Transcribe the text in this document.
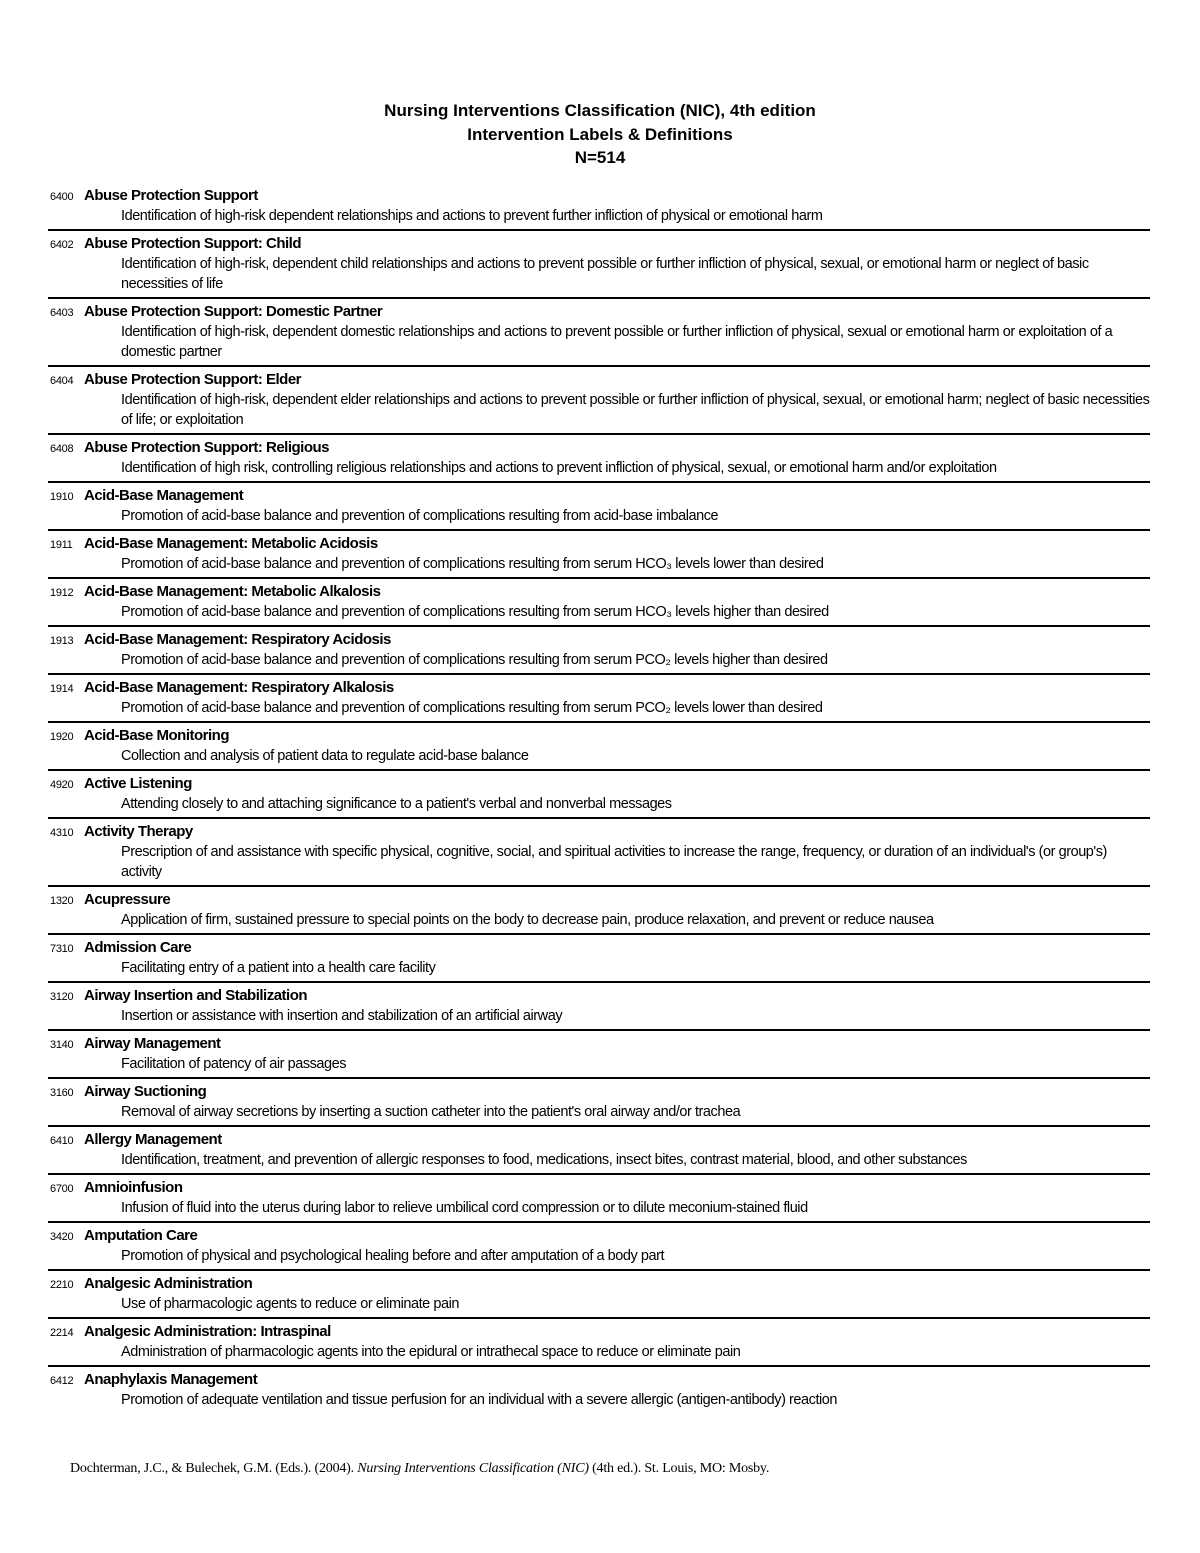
Nursing Interventions Classification (NIC), 4th edition
Intervention Labels & Definitions
N=514
6400 Abuse Protection Support
Identification of high-risk dependent relationships and actions to prevent further infliction of physical or emotional harm
6402 Abuse Protection Support: Child
Identification of high-risk, dependent child relationships and actions to prevent possible or further infliction of physical, sexual, or emotional harm or neglect of basic necessities of life
6403 Abuse Protection Support: Domestic Partner
Identification of high-risk, dependent domestic relationships and actions to prevent possible or further infliction of physical, sexual or emotional harm or exploitation of a domestic partner
6404 Abuse Protection Support: Elder
Identification of high-risk, dependent elder relationships and actions to prevent possible or further infliction of physical, sexual, or emotional harm; neglect of basic necessities of life; or exploitation
6408 Abuse Protection Support: Religious
Identification of high risk, controlling religious relationships and actions to prevent infliction of physical, sexual, or emotional harm and/or exploitation
1910 Acid-Base Management
Promotion of acid-base balance and prevention of complications resulting from acid-base imbalance
1911 Acid-Base Management: Metabolic Acidosis
Promotion of acid-base balance and prevention of complications resulting from serum HCO₃ levels lower than desired
1912 Acid-Base Management: Metabolic Alkalosis
Promotion of acid-base balance and prevention of complications resulting from serum HCO₃ levels higher than desired
1913 Acid-Base Management: Respiratory Acidosis
Promotion of acid-base balance and prevention of complications resulting from serum PCO₂ levels higher than desired
1914 Acid-Base Management: Respiratory Alkalosis
Promotion of acid-base balance and prevention of complications resulting from serum PCO₂ levels lower than desired
1920 Acid-Base Monitoring
Collection and analysis of patient data to regulate acid-base balance
4920 Active Listening
Attending closely to and attaching significance to a patient's verbal and nonverbal messages
4310 Activity Therapy
Prescription of and assistance with specific physical, cognitive, social, and spiritual activities to increase the range, frequency, or duration of an individual's (or group's) activity
1320 Acupressure
Application of firm, sustained pressure to special points on the body to decrease pain, produce relaxation, and prevent or reduce nausea
7310 Admission Care
Facilitating entry of a patient into a health care facility
3120 Airway Insertion and Stabilization
Insertion or assistance with insertion and stabilization of an artificial airway
3140 Airway Management
Facilitation of patency of air passages
3160 Airway Suctioning
Removal of airway secretions by inserting a suction catheter into the patient's oral airway and/or trachea
6410 Allergy Management
Identification, treatment, and prevention of allergic responses to food, medications, insect bites, contrast material, blood, and other substances
6700 Amnioinfusion
Infusion of fluid into the uterus during labor to relieve umbilical cord compression or to dilute meconium-stained fluid
3420 Amputation Care
Promotion of physical and psychological healing before and after amputation of a body part
2210 Analgesic Administration
Use of pharmacologic agents to reduce or eliminate pain
2214 Analgesic Administration: Intraspinal
Administration of pharmacologic agents into the epidural or intrathecal space to reduce or eliminate pain
6412 Anaphylaxis Management
Promotion of adequate ventilation and tissue perfusion for an individual with a severe allergic (antigen-antibody) reaction
Dochterman, J.C., & Bulechek, G.M. (Eds.). (2004). Nursing Interventions Classification (NIC) (4th ed.). St. Louis, MO: Mosby.
